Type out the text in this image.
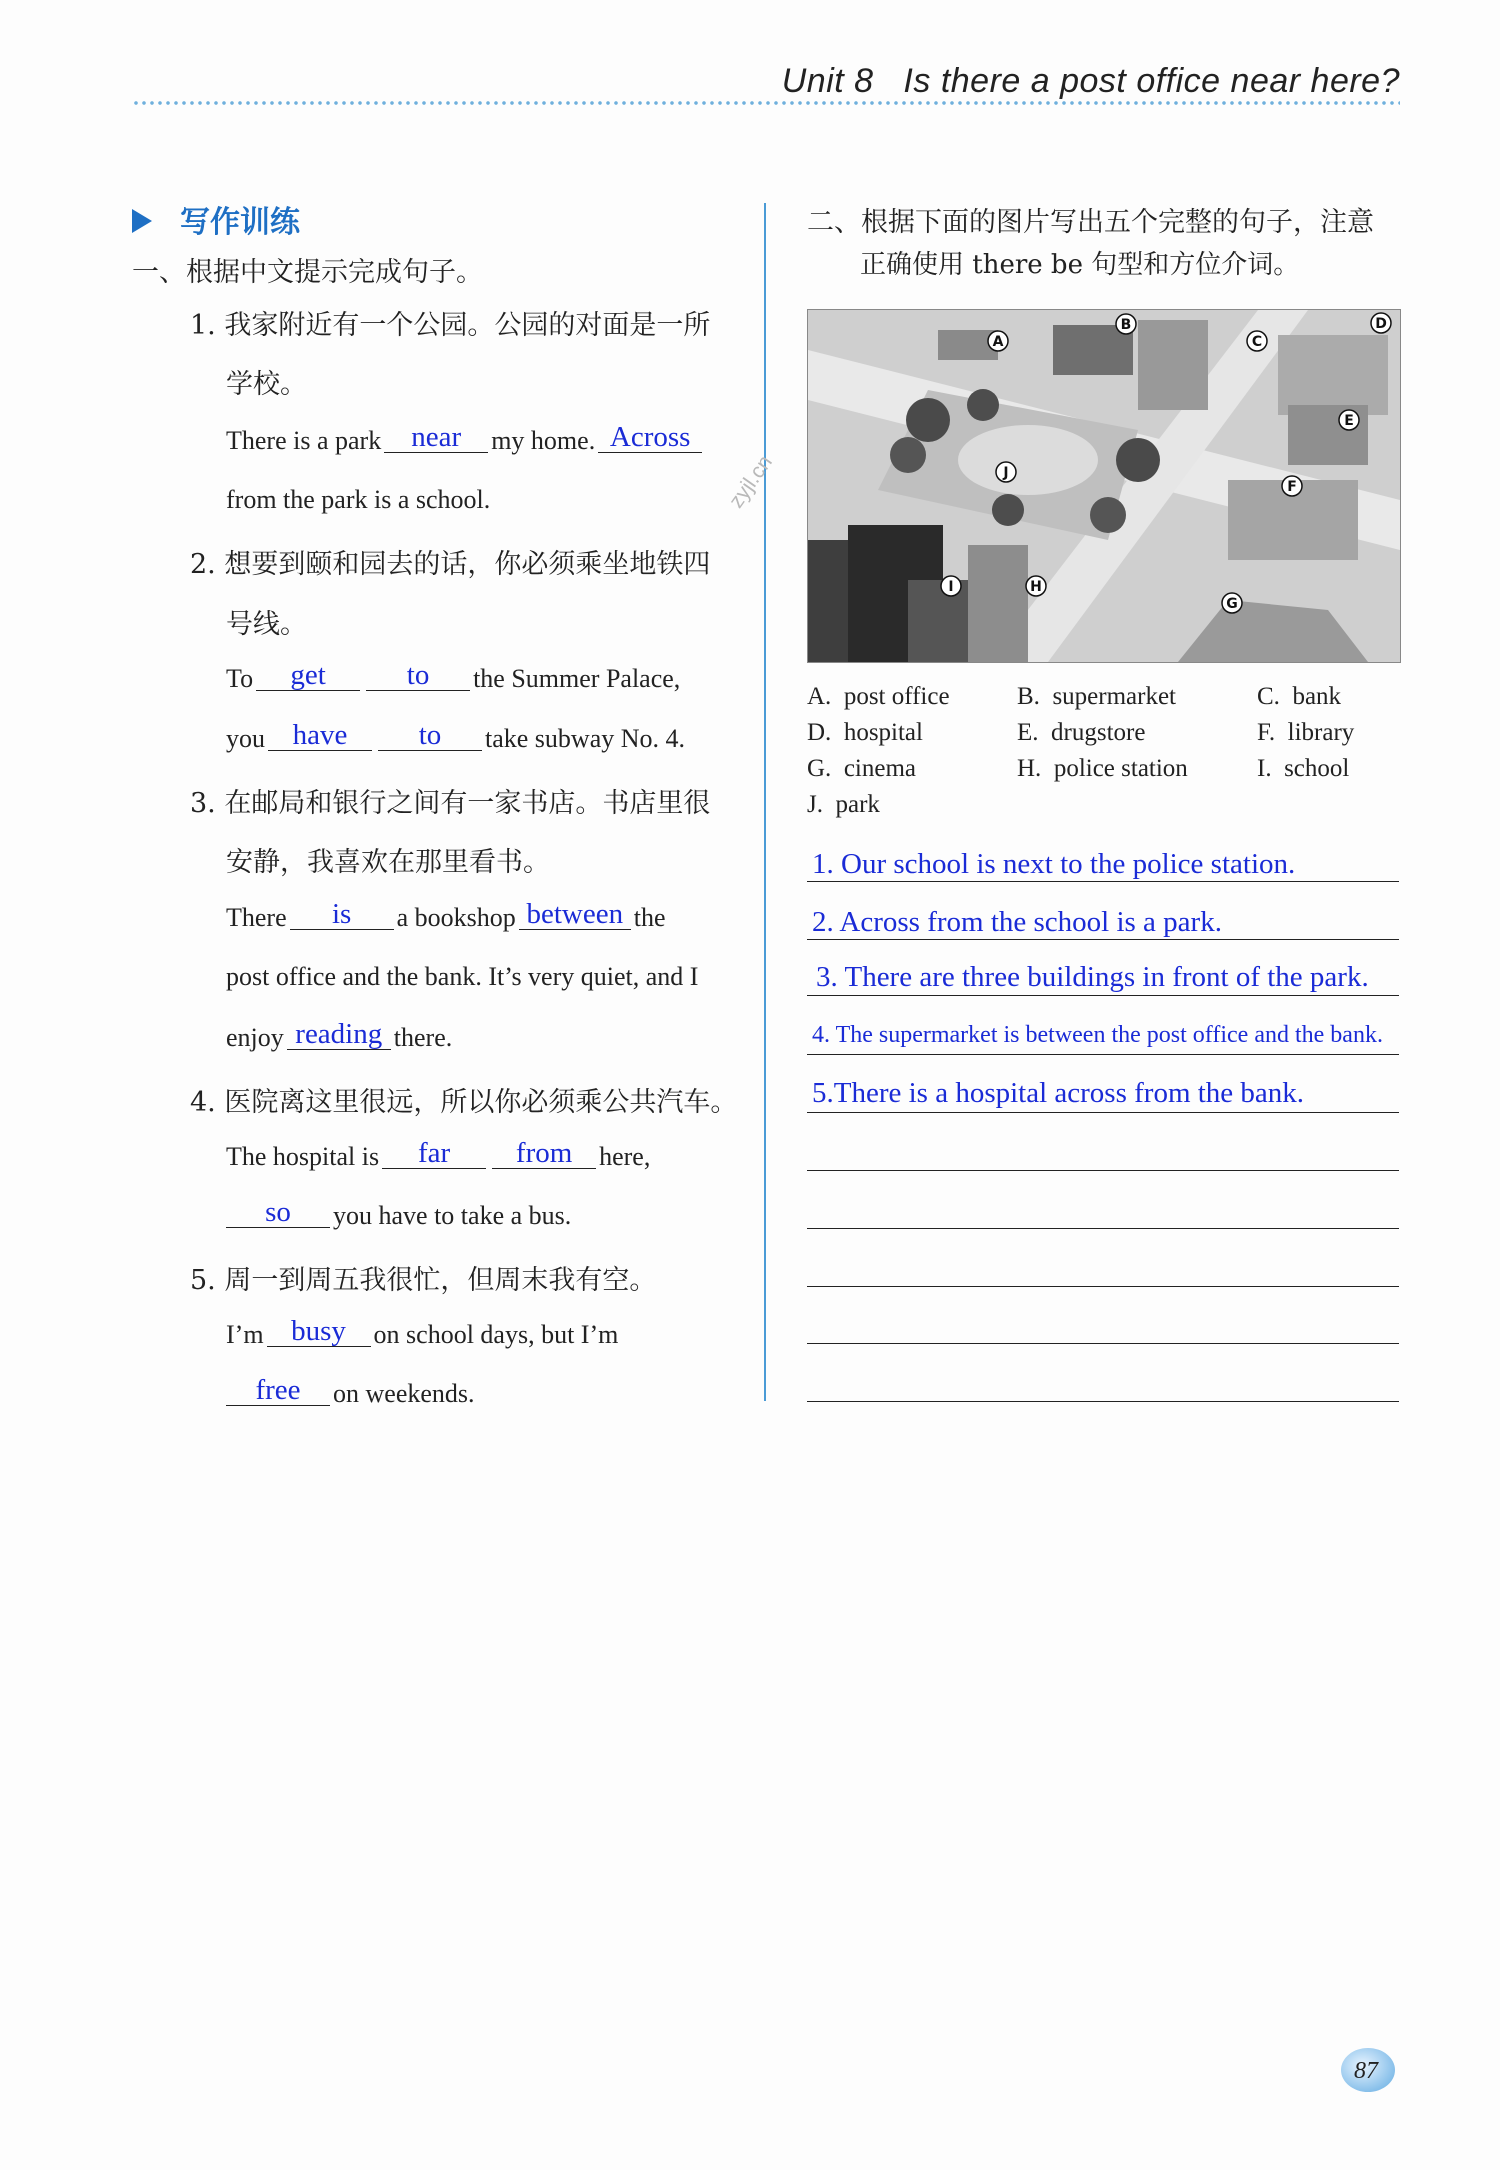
Unit 8 Is there a post office near here?
写作训练
一、根据中文提示完成句子。
1. 我家附近有一个公园。公园的对面是一所
学校。
There is a park near my home. Across
from the park is a school.
2. 想要到颐和园去的话，你必须乘坐地铁四
号线。
To get	to the Summer Palace,
you have to take subway No. 4.
3. 在邮局和银行之间有一家书店。书店里很
安静，我喜欢在那里看书。
There is a bookshop between the
post office and the bank. It’s very quiet, and I
enjoy reading there.
4. 医院离这里很远，所以你必须乘公共汽车。
The hospital is far from here,
so you have to take a bus.
5. 周一到周五我很忙，但周末我有空。
I’m busy on school days, but I’m
free on weekends.
zyjl.cn
二、根据下面的图片写出五个完整的句子，注意
正确使用 there be 句型和方位介词。
A
B
C
D
E
F
G
H
I
J
A. post office	B. supermarket	C. bank
D. hospital	E. drugstore	F. library
G. cinema	H. police station	I. school
J. park
1. Our school is next to the police station.
2. Across from the school is a park.
3. There are three buildings in front of the park.
4. The supermarket is between the post office and the bank.
5.There is a hospital across from the bank.
87
